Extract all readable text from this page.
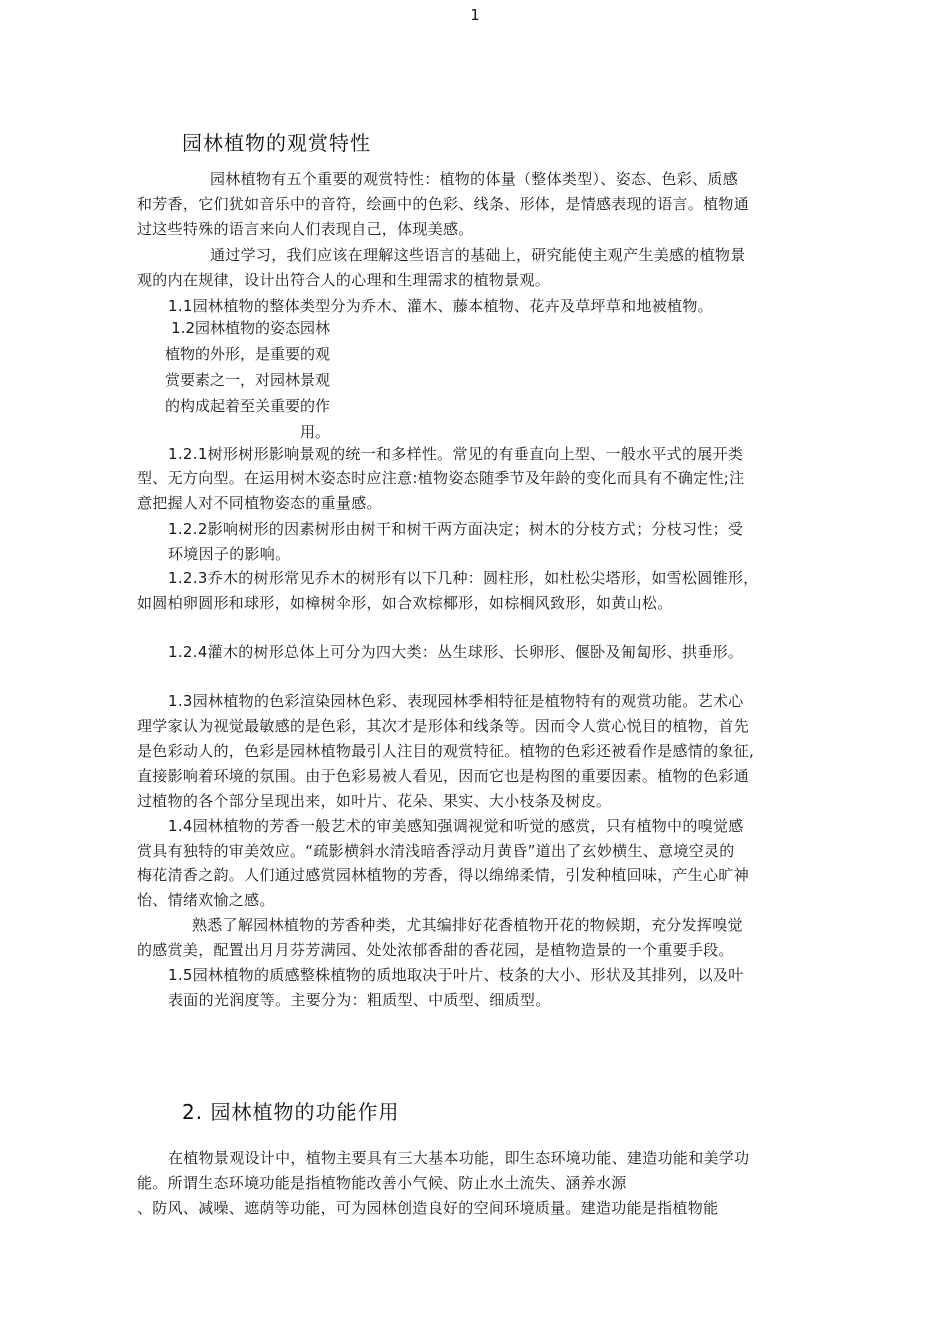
1
园林植物的观赏特性
园林植物有五个重要的观赏特性：植物的体量（整体类型）、姿态、色彩、质感
和芳香，它们犹如音乐中的音符，绘画中的色彩、线条、形体，是情感表现的语言。植物通
过这些特殊的语言来向人们表现自己，体现美感。
通过学习，我们应该在理解这些语言的基础上，研究能使主观产生美感的植物景
观的内在规律，设计出符合人的心理和生理需求的植物景观。
1.1园林植物的整体类型分为乔木、灌木、藤本植物、花卉及草坪草和地被植物。
1.2园林植物的姿态园林
植物的外形，是重要的观
赏要素之一，对园林景观
的构成起着至关重要的作
用。
1.2.1树形树形影响景观的统一和多样性。常见的有垂直向上型、一般水平式的展开类
型、无方向型。在运用树木姿态时应注意:植物姿态随季节及年龄的变化而具有不确定性;注
意把握人对不同植物姿态的重量感。
1.2.2影响树形的因素树形由树干和树干两方面决定；树木的分枝方式；分枝习性；受
环境因子的影响。
1.2.3乔木的树形常见乔木的树形有以下几种：圆柱形，如杜松尖塔形，如雪松圆锥形，
如圆柏卵圆形和球形，如樟树伞形，如合欢棕椰形，如棕榈风致形，如黄山松。
1.2.4灌木的树形总体上可分为四大类：丛生球形、长卵形、偃卧及匍匐形、拱垂形。
1.3园林植物的色彩渲染园林色彩、表现园林季相特征是植物特有的观赏功能。艺术心
理学家认为视觉最敏感的是色彩，其次才是形体和线条等。因而令人赏心悦目的植物，首先
是色彩动人的，色彩是园林植物最引人注目的观赏特征。植物的色彩还被看作是感情的象征,
直接影响着环境的氛围。由于色彩易被人看见，因而它也是构图的重要因素。植物的色彩通
过植物的各个部分呈现出来，如叶片、花朵、果实、大小枝条及树皮。
1.4园林植物的芳香一般艺术的审美感知强调视觉和听觉的感赏，只有植物中的嗅觉感
赏具有独特的审美效应。“疏影横斜水清浅暗香浮动月黄昏”道出了玄妙横生、意境空灵的
梅花清香之韵。人们通过感赏园林植物的芳香，得以绵绵柔情，引发种植回味，产生心旷神
怡、情绪欢愉之感。
熟悉了解园林植物的芳香种类，尤其编排好花香植物开花的物候期，充分发挥嗅觉
的感赏美，配置出月月芬芳满园、处处浓郁香甜的香花园，是植物造景的一个重要手段。
1.5园林植物的质感整株植物的质地取决于叶片、枝条的大小、形状及其排列，以及叶
表面的光润度等。主要分为：粗质型、中质型、细质型。
2. 园林植物的功能作用
在植物景观设计中，植物主要具有三大基本功能，即生态环境功能、建造功能和美学功
能。所谓生态环境功能是指植物能改善小气候、防止水土流失、涵养水源
、防风、减噪、遮荫等功能，可为园林创造良好的空间环境质量。建造功能是指植物能
